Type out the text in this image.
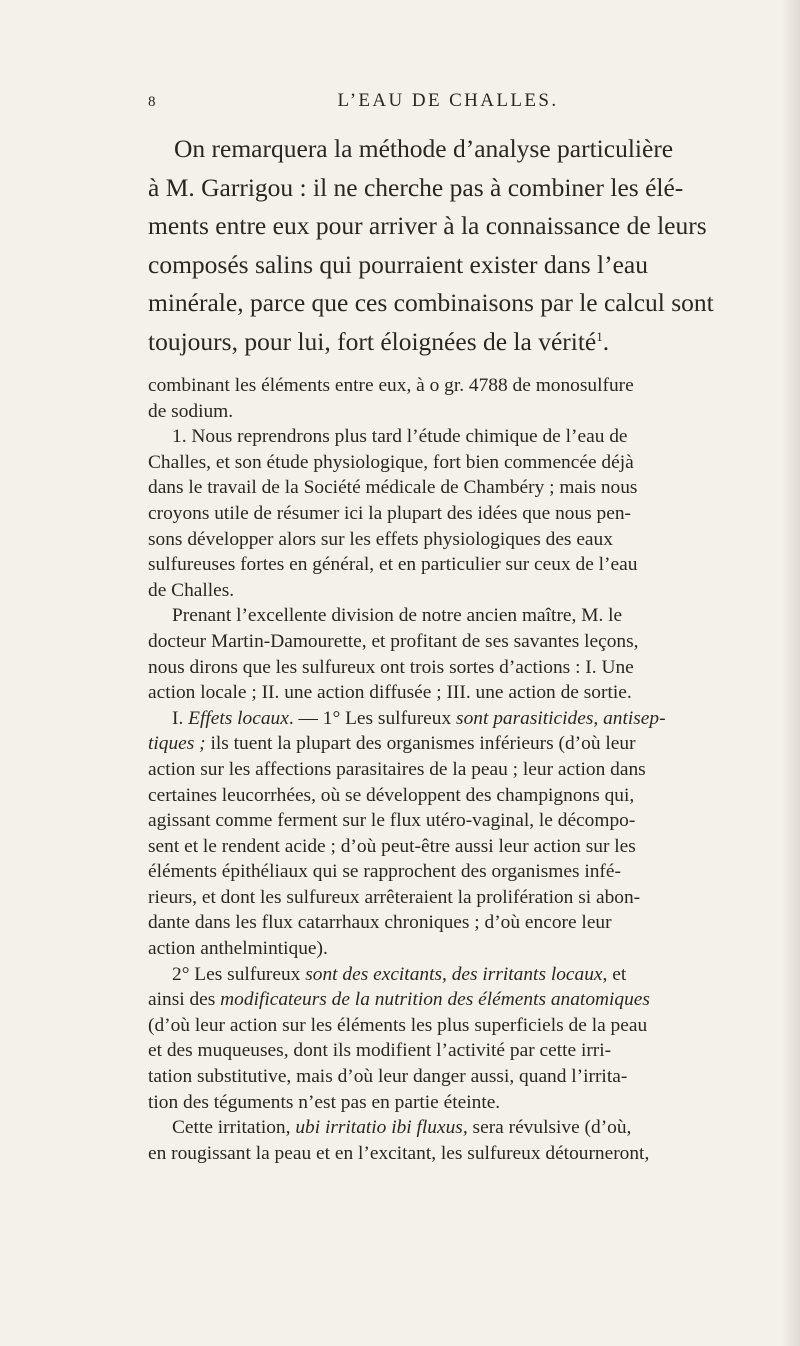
8	L’EAU DE CHALLES.
On remarquera la méthode d’analyse particulière
à M. Garrigou : il ne cherche pas à combiner les élé-
ments entre eux pour arriver à la connaissance de leurs
composés salins qui pourraient exister dans l’eau
minérale, parce que ces combinaisons par le calcul sont
toujours, pour lui, fort éloignées de la vérité$^1$.
combinant les éléments entre eux, à o gr. 4788 de monosulfure
de sodium.
1. Nous reprendrons plus tard l’étude chimique de l’eau de
Challes, et son étude physiologique, fort bien commencée déjà
dans le travail de la Société médicale de Chambéry ; mais nous
croyons utile de résumer ici la plupart des idées que nous pen-
sons développer alors sur les effets physiologiques des eaux
sulfureuses fortes en général, et en particulier sur ceux de l’eau
de Challes.
Prenant l’excellente division de notre ancien maître, M. le
docteur Martin-Damourette, et profitant de ses savantes leçons,
nous dirons que les sulfureux ont trois sortes d’actions : I. Une
action locale ; II. une action diffusée ; III. une action de sortie.
I. Effets locaux. — 1° Les sulfureux sont parasiticides, antisep-
tiques ; ils tuent la plupart des organismes inférieurs (d’où leur
action sur les affections parasitaires de la peau ; leur action dans
certaines leucorrhées, où se développent des champignons qui,
agissant comme ferment sur le flux utéro-vaginal, le décompo-
sent et le rendent acide ; d’où peut-être aussi leur action sur les
éléments épithéliaux qui se rapprochent des organismes infé-
rieurs, et dont les sulfureux arrêteraient la prolifération si abon-
dante dans les flux catarrhaux chroniques ; d’où encore leur
action anthelmintique).
2° Les sulfureux sont des excitants, des irritants locaux, et
ainsi des modificateurs de la nutrition des éléments anatomiques
(d’où leur action sur les éléments les plus superficiels de la peau
et des muqueuses, dont ils modifient l’activité par cette irri-
tation substitutive, mais d’où leur danger aussi, quand l’irrita-
tion des téguments n’est pas en partie éteinte.
Cette irritation, ubi irritatio ibi fluxus, sera révulsive (d’où,
en rougissant la peau et en l’excitant, les sulfureux détourneront,
